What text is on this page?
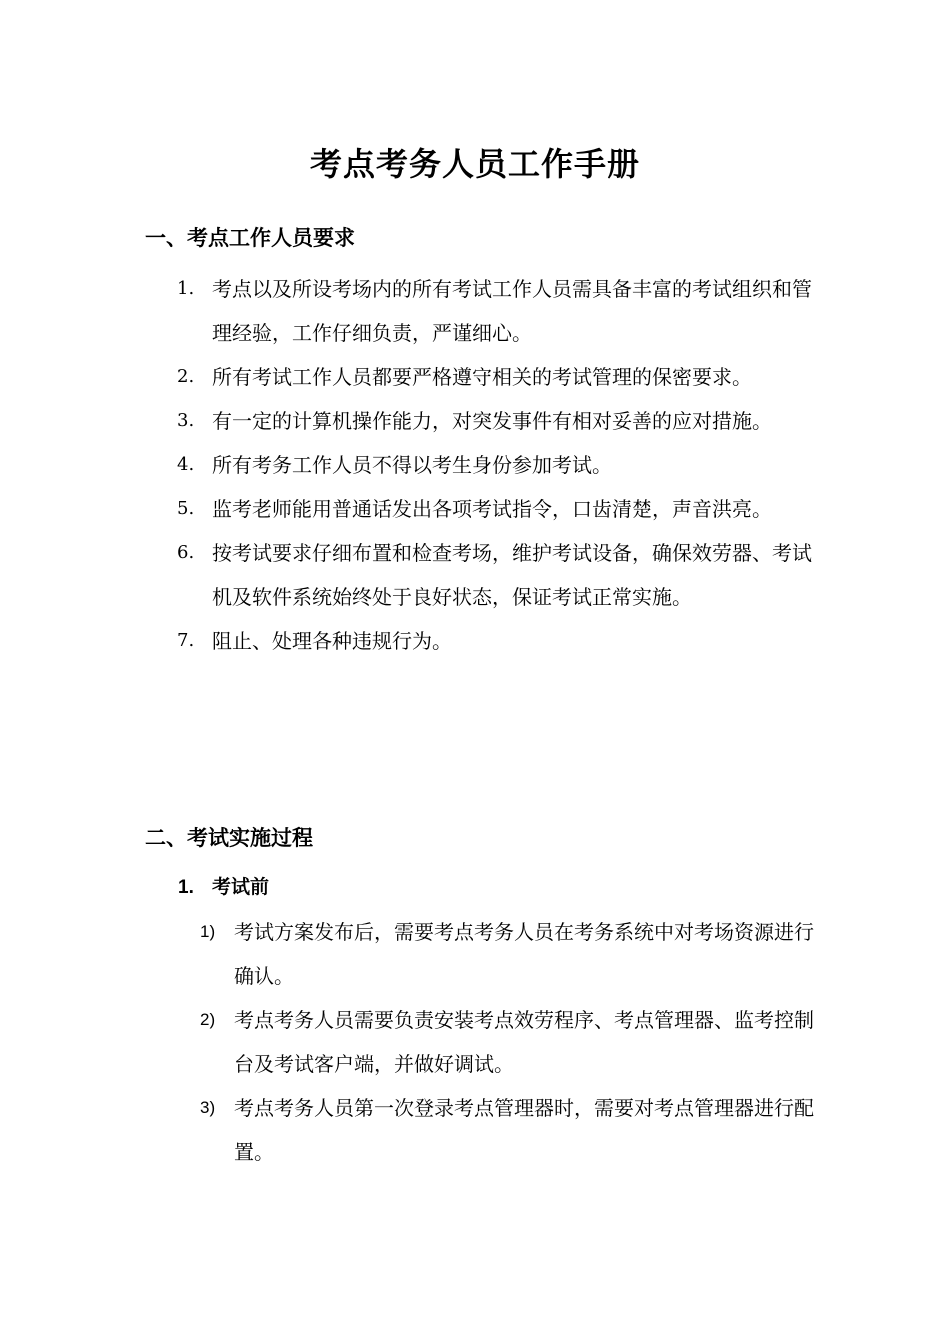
考点考务人员工作手册
一、考点工作人员要求
1. 考点以及所设考场内的所有考试工作人员需具备丰富的考试组织和管理经验，工作仔细负责，严谨细心。
2. 所有考试工作人员都要严格遵守相关的考试管理的保密要求。
3. 有一定的计算机操作能力，对突发事件有相对妥善的应对措施。
4. 所有考务工作人员不得以考生身份参加考试。
5. 监考老师能用普通话发出各项考试指令，口齿清楚，声音洪亮。
6. 按考试要求仔细布置和检查考场，维护考试设备，确保效劳器、考试机及软件系统始终处于良好状态，保证考试正常实施。
7. 阻止、处理各种违规行为。
二、考试实施过程
1. 考试前
1) 考试方案发布后，需要考点考务人员在考务系统中对考场资源进行确认。
2) 考点考务人员需要负责安装考点效劳程序、考点管理器、监考控制台及考试客户端，并做好调试。
3) 考点考务人员第一次登录考点管理器时，需要对考点管理器进行配置。
